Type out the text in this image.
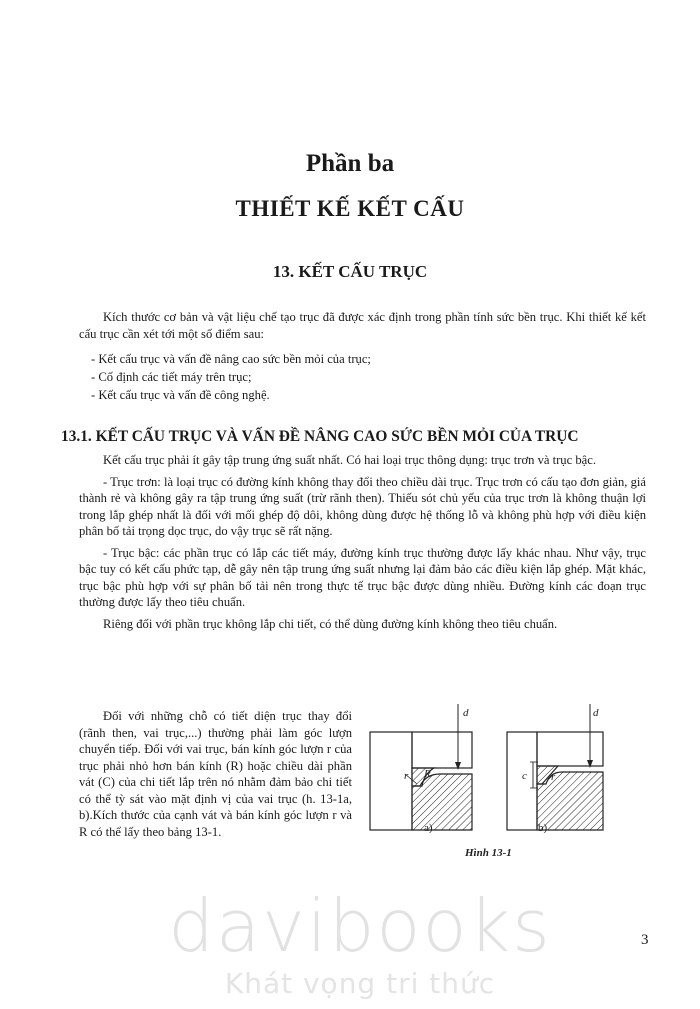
Phần ba
THIẾT KẾ KẾT CẤU
13. KẾT CẤU TRỤC

Kích thước cơ bản và vật liệu chế tạo trục đã được xác định trong phần tính sức bền trục. Khi thiết kế kết cấu trục cần xét tới một số điểm sau:

- Kết cấu trục và vấn đề nâng cao sức bền mỏi của trục;
- Cố định các tiết máy trên trục;
- Kết cấu trục và vấn đề công nghệ.
13.1. KẾT CẤU TRỤC VÀ VẤN ĐỀ NÂNG CAO SỨC BỀN MỎI CỦA TRỤC

Kết cấu trục phải ít gây tập trung ứng suất nhất. Có hai loại trục thông dụng: trục trơn và trục bậc.

- Trục trơn: là loại trục có đường kính không thay đổi theo chiều dài trục. Trục trơn có cấu tạo đơn giản, giá thành rẻ và không gây ra tập trung ứng suất (trừ rãnh then). Thiếu sót chủ yếu của trục trơn là không thuận lợi trong lắp ghép nhất là đối với mối ghép độ dôi, không dùng được hệ thống lỗ và không phù hợp với điều kiện phân bố tải trọng dọc trục, do vậy trục sẽ rất nặng.

- Trục bậc: các phần trục có lắp các tiết máy, đường kính trục thường được lấy khác nhau. Như vậy, trục bậc tuy có kết cấu phức tạp, dễ gây nên tập trung ứng suất nhưng lại đảm bảo các điều kiện lắp ghép. Mặt khác, trục bậc phù hợp với sự phân bố tải nên trong thực tế trục bậc được dùng nhiều. Đường kính các đoạn trục thường được lấy theo tiêu chuẩn.

Riêng đối với phần trục không lắp chi tiết, có thể dùng đường kính không theo tiêu chuẩn.

Đối với những chỗ có tiết diện trục thay đổi (rãnh then, vai trục,...) thường phải làm góc lượn chuyển tiếp. Đối với vai trục, bán kính góc lượn r của trục phải nhỏ hơn bán kính (R) hoặc chiều dài phần vát (C) của chi tiết lắp trên nó nhằm đảm bảo chi tiết có thể tỳ sát vào mặt định vị của vai trục (h. 13-1a, b).Kích thước của cạnh vát và bán kính góc lượn r và R có thể lấy theo bảng 13-1.

d
r R
d
c r
a)	b)
Hình 13-1
davibooks
Khát vọng tri thức
3
